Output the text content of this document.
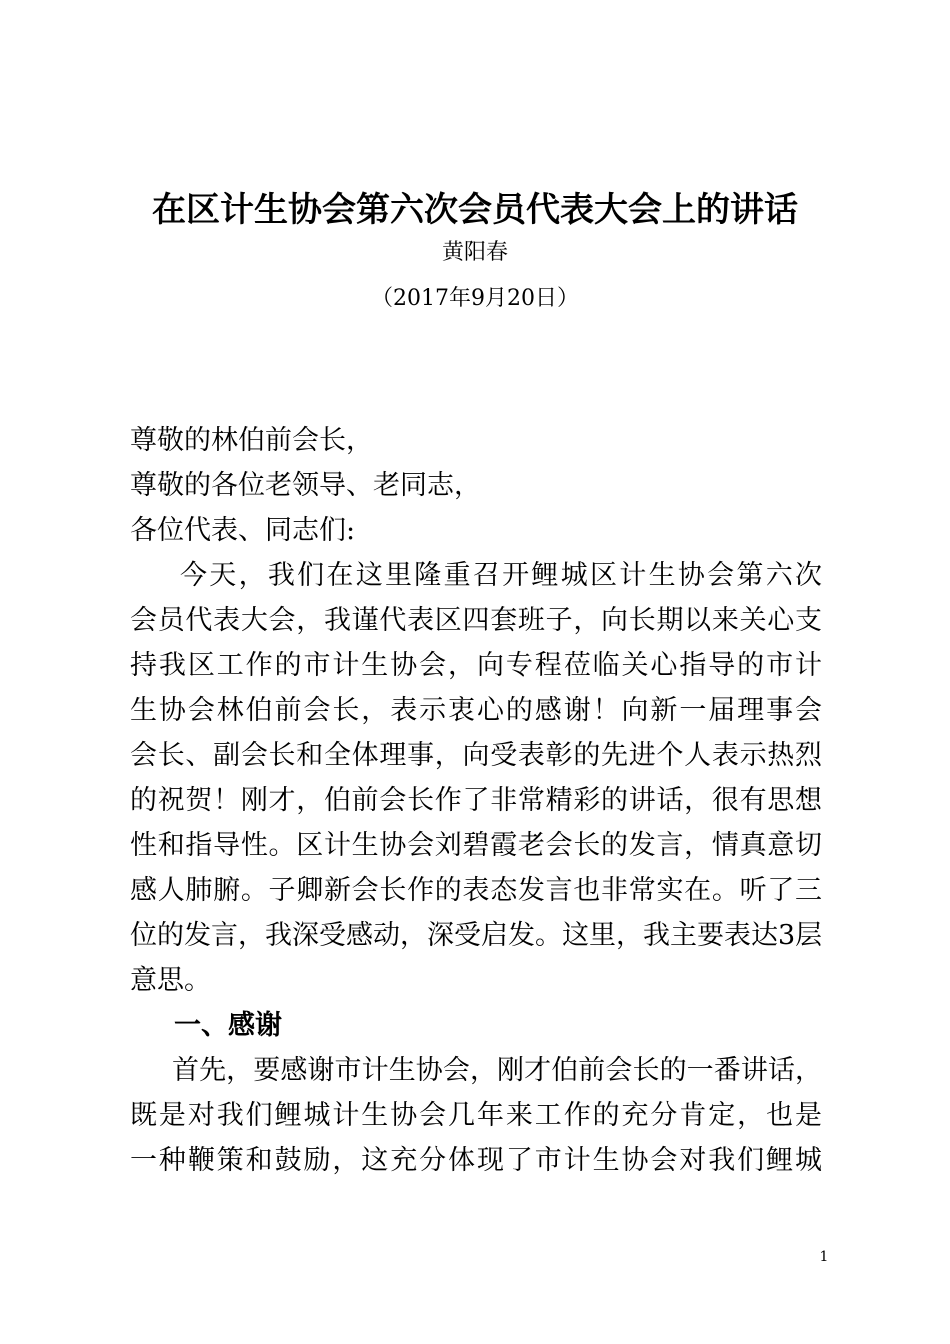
在区计生协会第六次会员代表大会上的讲话
黄阳春
（2017年9月20日）
尊敬的林伯前会长，
尊敬的各位老领导、老同志，
各位代表、同志们:
今天，我们在这里隆重召开鲤城区计生协会第六次
会员代表大会，我谨代表区四套班子，向长期以来关心支
持我区工作的市计生协会，向专程莅临关心指导的市计
生协会林伯前会长，表示衷心的感谢！向新一届理事会
会长、副会长和全体理事，向受表彰的先进个人表示热烈
的祝贺！刚才，伯前会长作了非常精彩的讲话，很有思想
性和指导性。区计生协会刘碧霞老会长的发言，情真意切
感人肺腑。子卿新会长作的表态发言也非常实在。听了三
位的发言，我深受感动，深受启发。这里，我主要表达3层
意思。
一、感谢
首先，要感谢市计生协会，刚才伯前会长的一番讲话，
既是对我们鲤城计生协会几年来工作的充分肯定，也是
一种鞭策和鼓励，这充分体现了市计生协会对我们鲤城
1
